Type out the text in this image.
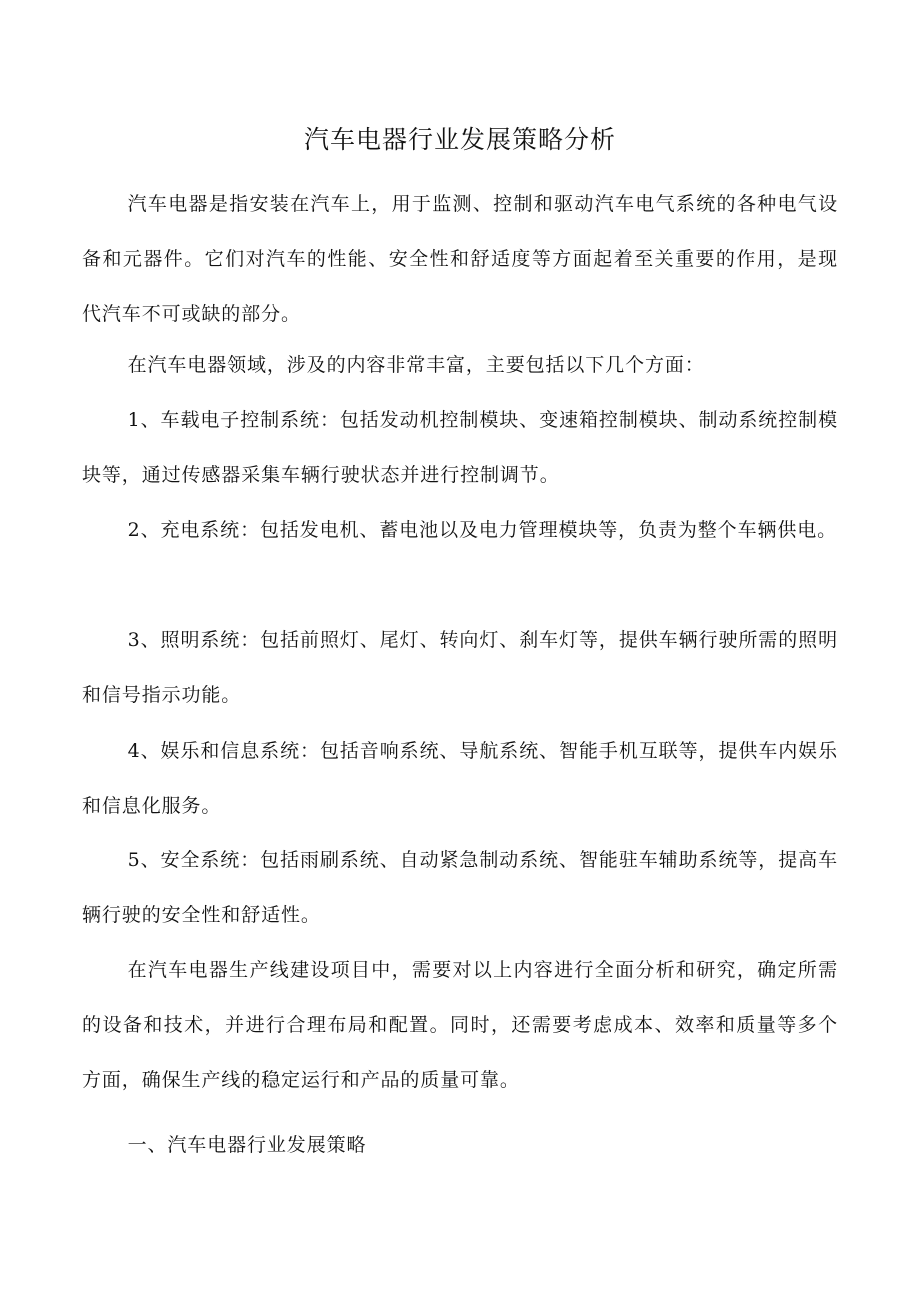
汽车电器行业发展策略分析

汽车电器是指安装在汽车上，用于监测、控制和驱动汽车电气系统的各种电气设备和元器件。它们对汽车的性能、安全性和舒适度等方面起着至关重要的作用，是现代汽车不可或缺的部分。

在汽车电器领域，涉及的内容非常丰富，主要包括以下几个方面：

1、车载电子控制系统：包括发动机控制模块、变速箱控制模块、制动系统控制模块等，通过传感器采集车辆行驶状态并进行控制调节。

2、充电系统：包括发电机、蓄电池以及电力管理模块等，负责为整个车辆供电。

3、照明系统：包括前照灯、尾灯、转向灯、刹车灯等，提供车辆行驶所需的照明和信号指示功能。

4、娱乐和信息系统：包括音响系统、导航系统、智能手机互联等，提供车内娱乐和信息化服务。

5、安全系统：包括雨刷系统、自动紧急制动系统、智能驻车辅助系统等，提高车辆行驶的安全性和舒适性。

在汽车电器生产线建设项目中，需要对以上内容进行全面分析和研究，确定所需的设备和技术，并进行合理布局和配置。同时，还需要考虑成本、效率和质量等多个方面，确保生产线的稳定运行和产品的质量可靠。

一、汽车电器行业发展策略
